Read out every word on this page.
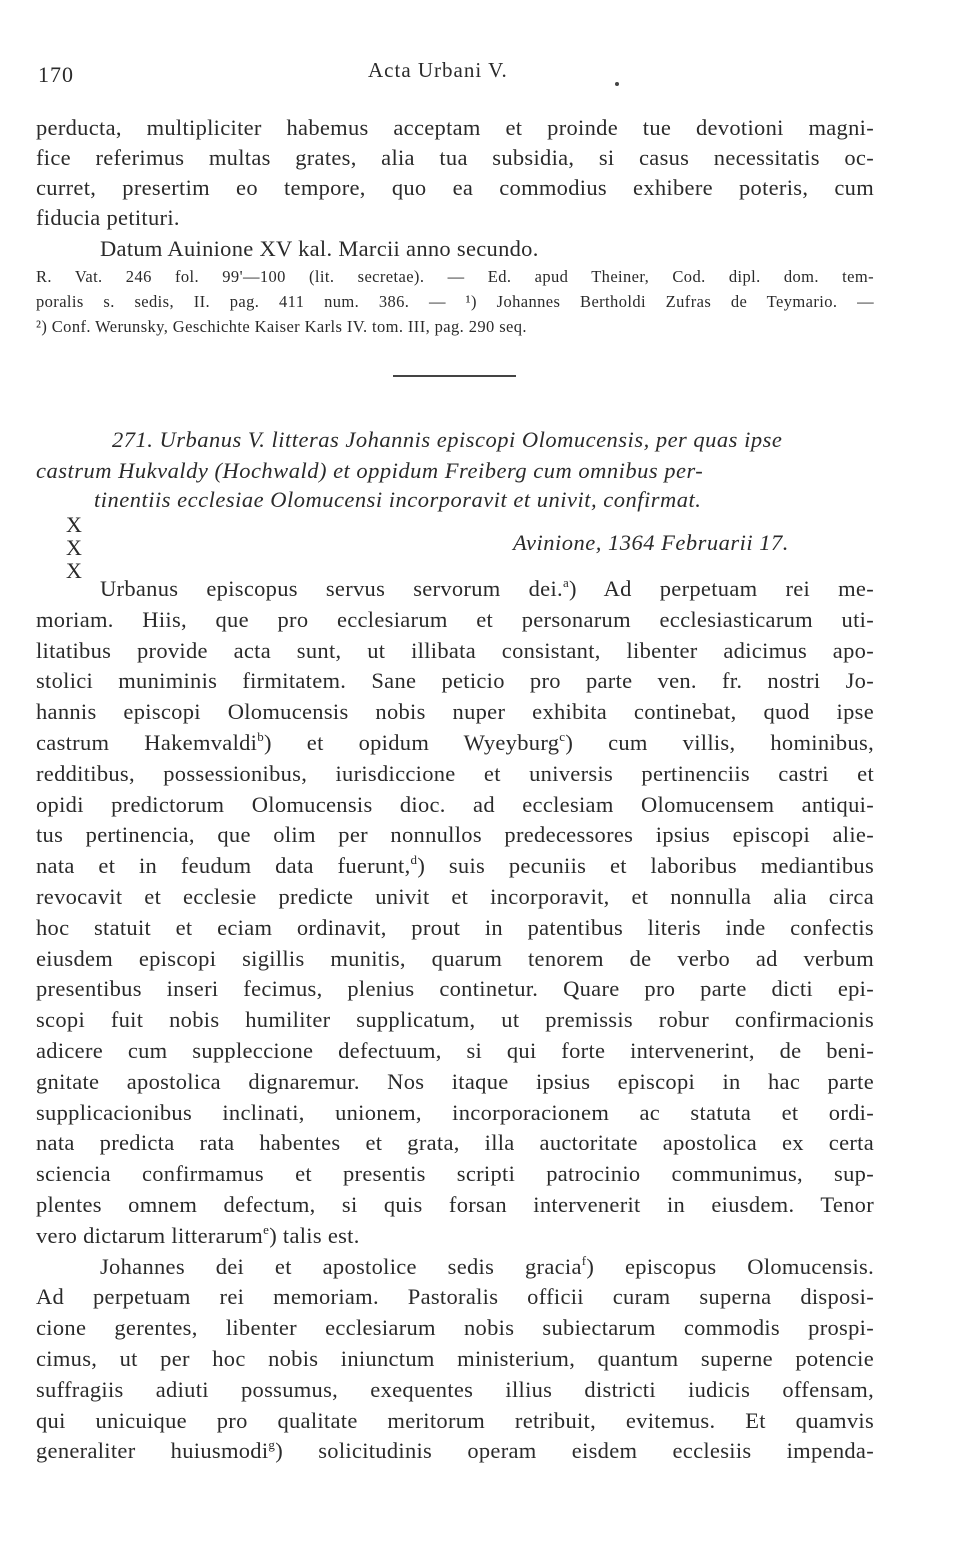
170	Acta Urbani V.
perducta, multipliciter habemus acceptam et proinde tue devotioni magni-
fice referimus multas grates, alia tua subsidia, si casus necessitatis oc-
curret, presertim eo tempore, quo ea commodius exhibere poteris, cum
fiducia petituri.
Datum Auinione XV kal. Marcii anno secundo.
R. Vat. 246 fol. 99'—100 (lit. secretae). — Ed. apud Theiner, Cod. dipl. dom. tem-
poralis s. sedis, II. pag. 411 num. 386. — ¹) Johannes Bertholdi Zufras de Teymario. —
²) Conf. Werunsky, Geschichte Kaiser Karls IV. tom. III, pag. 290 seq.
271. Urbanus V. litteras Johannis episcopi Olomucensis, per quas ipse
castrum Hukvaldy (Hochwald) et oppidum Freiberg cum omnibus per-
tinentiis ecclesiae Olomucensi incorporavit et univit, confirmat.
X
X
X
Avinione, 1364 Februarii 17.
Urbanus episcopus servus servorum dei.$^a$) Ad perpetuam rei me-
moriam. Hiis, que pro ecclesiarum et personarum ecclesiasticarum uti-
litatibus provide acta sunt, ut illibata consistant, libenter adicimus apo-
stolici muniminis firmitatem. Sane peticio pro parte ven. fr. nostri Jo-
hannis episcopi Olomucensis nobis nuper exhibita continebat, quod ipse
castrum Hakemvaldi$^b$) et opidum Wyeyburg$^c$) cum villis, hominibus,
redditibus, possessionibus, iurisdiccione et universis pertinenciis castri et
opidi predictorum Olomucensis dioc. ad ecclesiam Olomucensem antiqui-
tus pertinencia, que olim per nonnullos predecessores ipsius episcopi alie-
nata et in feudum data fuerunt,$^d$) suis pecuniis et laboribus mediantibus
revocavit et ecclesie predicte univit et incorporavit, et nonnulla alia circa
hoc statuit et eciam ordinavit, prout in patentibus literis inde confectis
eiusdem episcopi sigillis munitis, quarum tenorem de verbo ad verbum
presentibus inseri fecimus, plenius continetur. Quare pro parte dicti epi-
scopi fuit nobis humiliter supplicatum, ut premissis robur confirmacionis
adicere cum suppleccione defectuum, si qui forte intervenerint, de beni-
gnitate apostolica dignaremur. Nos itaque ipsius episcopi in hac parte
supplicacionibus inclinati, unionem, incorporacionem ac statuta et ordi-
nata predicta rata habentes et grata, illa auctoritate apostolica ex certa
sciencia confirmamus et presentis scripti patrocinio communimus, sup-
plentes omnem defectum, si quis forsan intervenerit in eiusdem. Tenor
vero dictarum litterarum$^e$) talis est.
Johannes dei et apostolice sedis gracia$^f$) episcopus Olomucensis.
Ad perpetuam rei memoriam. Pastoralis officii curam superna disposi-
cione gerentes, libenter ecclesiarum nobis subiectarum commodis prospi-
cimus, ut per hoc nobis iniunctum ministerium, quantum superne potencie
suffragiis adiuti possumus, exequentes illius districti iudicis offensam,
qui unicuique pro qualitate meritorum retribuit, evitemus. Et quamvis
generaliter huiusmodi$^g$) solicitudinis operam eisdem ecclesiis impenda-
